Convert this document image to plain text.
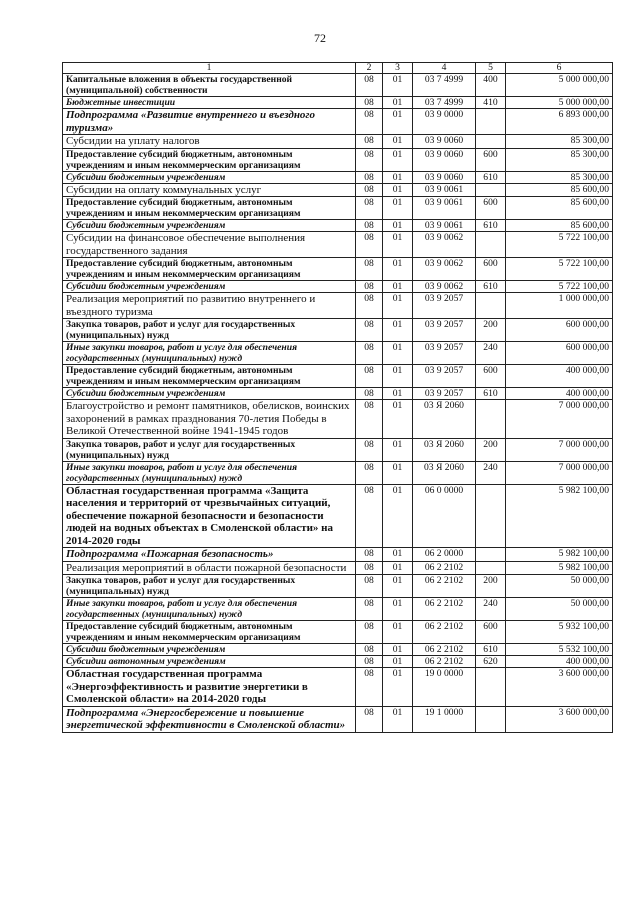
72
1	2	3	4	5	6
Капитальные вложения в объекты государственной (муниципальной) собственности	08	01	03 7 4999	400	5 000 000,00
Бюджетные инвестиции	08	01	03 7 4999	410	5 000 000,00
Подпрограмма «Развитие внутреннего и въездного туризма»	08	01	03 9 0000		6 893 000,00
Субсидии на уплату налогов	08	01	03 9 0060		85 300,00
Предоставление субсидий бюджетным, автономным учреждениям и иным некоммерческим организациям	08	01	03 9 0060	600	85 300,00
Субсидии бюджетным учреждениям	08	01	03 9 0060	610	85 300,00
Субсидии на оплату коммунальных услуг	08	01	03 9 0061		85 600,00
Предоставление субсидий бюджетным, автономным учреждениям и иным некоммерческим организациям	08	01	03 9 0061	600	85 600,00
Субсидии бюджетным учреждениям	08	01	03 9 0061	610	85 600,00
Субсидии на финансовое обеспечение выполнения государственного задания	08	01	03 9 0062		5 722 100,00
Предоставление субсидий бюджетным, автономным учреждениям и иным некоммерческим организациям	08	01	03 9 0062	600	5 722 100,00
Субсидии бюджетным учреждениям	08	01	03 9 0062	610	5 722 100,00
Реализация мероприятий по развитию внутреннего и въездного туризма	08	01	03 9 2057		1 000 000,00
Закупка товаров, работ и услуг для государственных (муниципальных) нужд	08	01	03 9 2057	200	600 000,00
Иные закупки товаров, работ и услуг для обеспечения государственных (муниципальных) нужд	08	01	03 9 2057	240	600 000,00
Предоставление субсидий бюджетным, автономным учреждениям и иным некоммерческим организациям	08	01	03 9 2057	600	400 000,00
Субсидии бюджетным учреждениям	08	01	03 9 2057	610	400 000,00
Благоустройство и ремонт памятников, обелисков, воинских захоронений в рамках празднования 70-летия Победы в Великой Отечественной войне 1941-1945 годов	08	01	03 Я 2060		7 000 000,00
Закупка товаров, работ и услуг для государственных (муниципальных) нужд	08	01	03 Я 2060	200	7 000 000,00
Иные закупки товаров, работ и услуг для обеспечения государственных (муниципальных) нужд	08	01	03 Я 2060	240	7 000 000,00
Областная государственная программа «Защита населения и территорий от чрезвычайных ситуаций, обеспечение пожарной безопасности и безопасности людей на водных объектах в Смоленской области» на 2014-2020 годы	08	01	06 0 0000		5 982 100,00
Подпрограмма «Пожарная безопасность»	08	01	06 2 0000		5 982 100,00
Реализация мероприятий в области пожарной безопасности	08	01	06 2 2102		5 982 100,00
Закупка товаров, работ и услуг для государственных (муниципальных) нужд	08	01	06 2 2102	200	50 000,00
Иные закупки товаров, работ и услуг для обеспечения государственных (муниципальных) нужд	08	01	06 2 2102	240	50 000,00
Предоставление субсидий бюджетным, автономным учреждениям и иным некоммерческим организациям	08	01	06 2 2102	600	5 932 100,00
Субсидии бюджетным учреждениям	08	01	06 2 2102	610	5 532 100,00
Субсидии автономным учреждениям	08	01	06 2 2102	620	400 000,00
Областная государственная программа «Энергоэффективность и развитие энергетики в Смоленской области» на 2014-2020 годы	08	01	19 0 0000		3 600 000,00
Подпрограмма «Энергосбережение и повышение энергетической эффективности в Смоленской области»	08	01	19 1 0000		3 600 000,00
